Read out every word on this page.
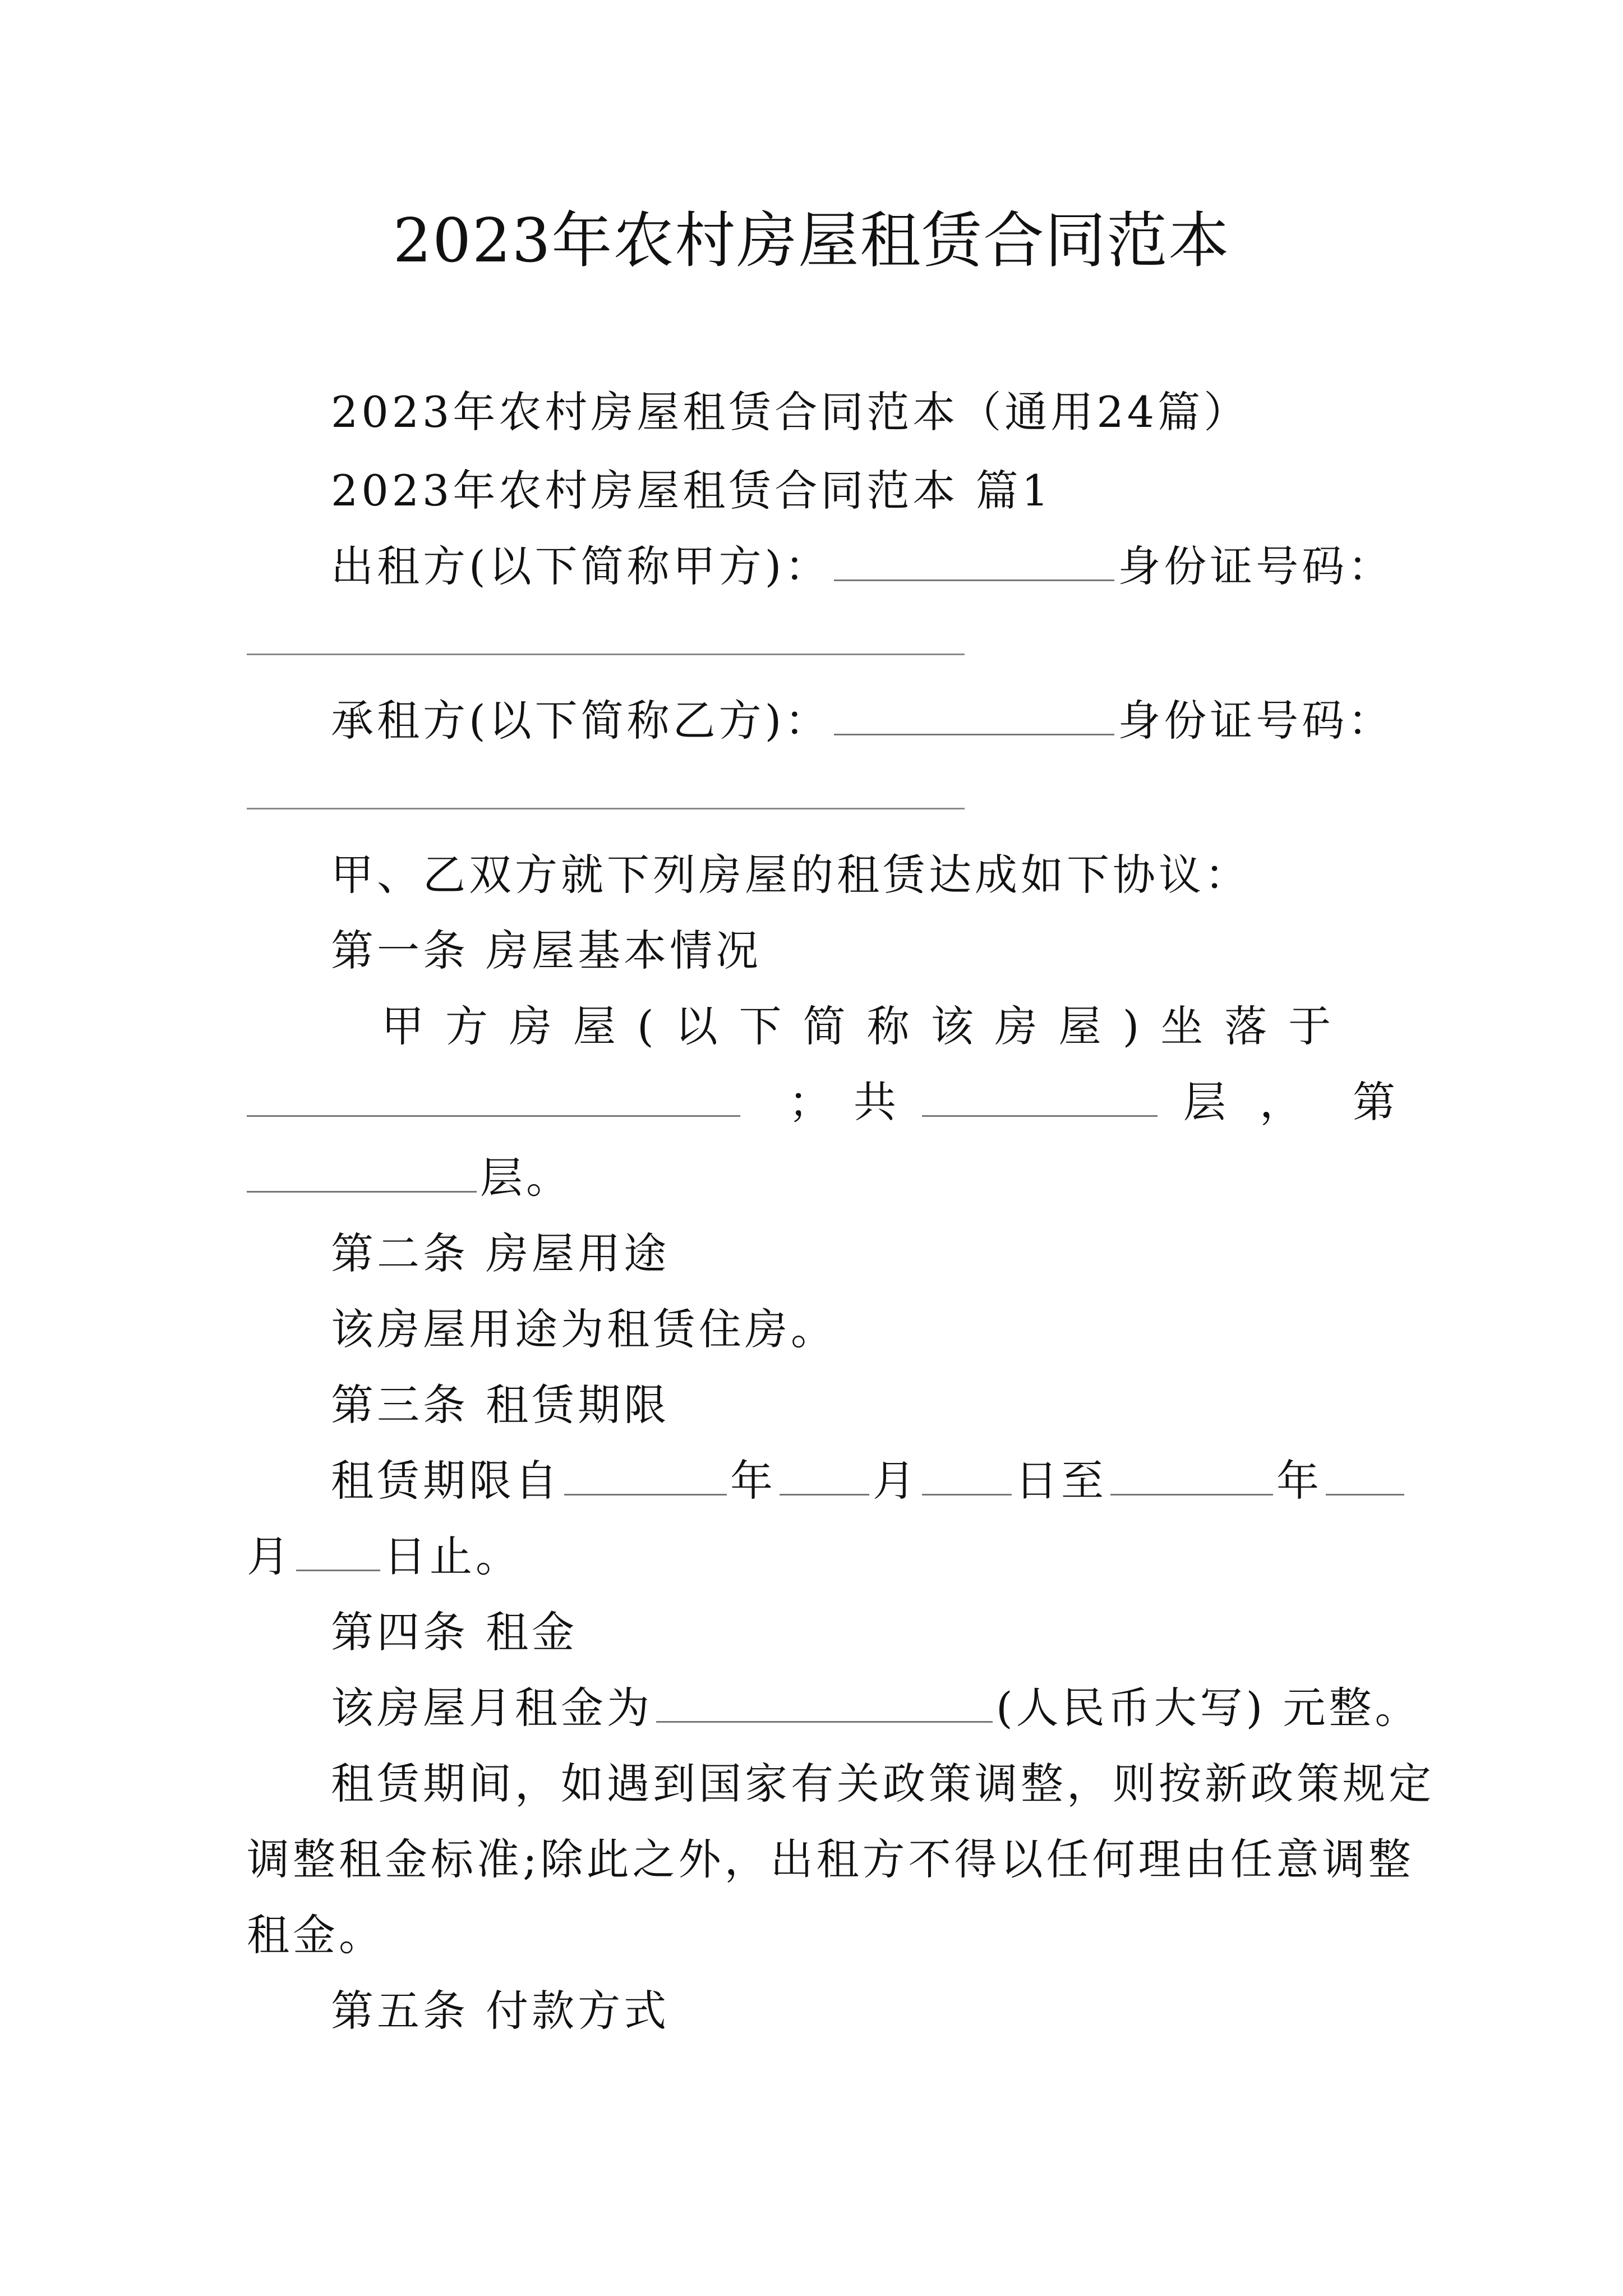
2023年农村房屋租赁合同范本
2023年农村房屋租赁合同范本（通用24篇）
2023年农村房屋租赁合同范本 篇1
出租方(以下简称甲方)：	身份证号码：
承租方(以下简称乙方)：	身份证号码：
甲、乙双方就下列房屋的租赁达成如下协议：
第一条 房屋基本情况
甲方房屋(以下简称该房屋)坐落于
；共	层， 第
层。
第二条 房屋用途
该房屋用途为租赁住房。
第三条 租赁期限
租赁期限自	年 月 日至	年
月 日止。
第四条 租金
该房屋月租金为	(人民币大写) 元整。
租赁期间，如遇到国家有关政策调整，则按新政策规定
调整租金标准;除此之外，出租方不得以任何理由任意调整
租金。
第五条 付款方式
